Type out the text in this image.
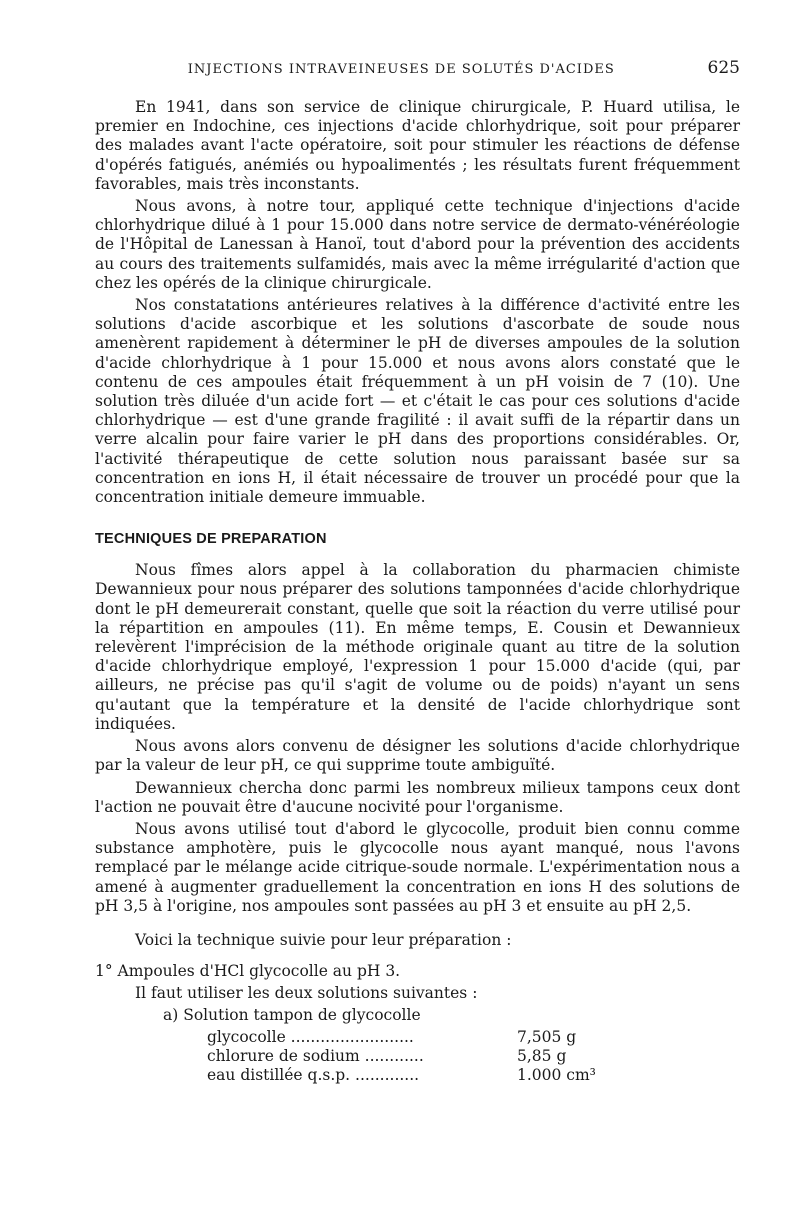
INJECTIONS INTRAVEINEUSES DE SOLUTÉS D'ACIDES	625

En 1941, dans son service de clinique chirurgicale, P. Huard utilisa, le premier en Indochine, ces injections d'acide chlorhydrique, soit pour préparer des malades avant l'acte opératoire, soit pour stimuler les réactions de défense d'opérés fatigués, anémiés ou hypoalimentés ; les résultats furent fréquemment favorables, mais très inconstants.

Nous avons, à notre tour, appliqué cette technique d'injections d'acide chlorhydrique dilué à 1 pour 15.000 dans notre service de dermato-vénéréologie de l'Hôpital de Lanessan à Hanoï, tout d'abord pour la prévention des accidents au cours des traitements sulfamidés, mais avec la même irrégularité d'action que chez les opérés de la clinique chirurgicale.

Nos constatations antérieures relatives à la différence d'activité entre les solutions d'acide ascorbique et les solutions d'ascorbate de soude nous amenèrent rapidement à déterminer le pH de diverses ampoules de la solution d'acide chlorhydrique à 1 pour 15.000 et nous avons alors constaté que le contenu de ces ampoules était fréquemment à un pH voisin de 7 (10). Une solution très diluée d'un acide fort — et c'était le cas pour ces solutions d'acide chlorhydrique — est d'une grande fragilité : il avait suffi de la répartir dans un verre alcalin pour faire varier le pH dans des proportions considérables. Or, l'activité thérapeutique de cette solution nous paraissant basée sur sa concentration en ions H, il était nécessaire de trouver un procédé pour que la concentration initiale demeure immuable.

TECHNIQUES DE PREPARATION

Nous fîmes alors appel à la collaboration du pharmacien chimiste Dewannieux pour nous préparer des solutions tamponnées d'acide chlorhydrique dont le pH demeurerait constant, quelle que soit la réaction du verre utilisé pour la répartition en ampoules (11). En même temps, E. Cousin et Dewannieux relevèrent l'imprécision de la méthode originale quant au titre de la solution d'acide chlorhydrique employé, l'expression 1 pour 15.000 d'acide (qui, par ailleurs, ne précise pas qu'il s'agit de volume ou de poids) n'ayant un sens qu'autant que la température et la densité de l'acide chlorhydrique sont indiquées.

Nous avons alors convenu de désigner les solutions d'acide chlorhydrique par la valeur de leur pH, ce qui supprime toute ambiguïté.

Dewannieux chercha donc parmi les nombreux milieux tampons ceux dont l'action ne pouvait être d'aucune nocivité pour l'organisme.

Nous avons utilisé tout d'abord le glycocolle, produit bien connu comme substance amphotère, puis le glycocolle nous ayant manqué, nous l'avons remplacé par le mélange acide citrique-soude normale. L'expérimentation nous a amené à augmenter graduellement la concentration en ions H des solutions de pH 3,5 à l'origine, nos ampoules sont passées au pH 3 et ensuite au pH 2,5.

Voici la technique suivie pour leur préparation :

1° Ampoules d'HCl glycocolle au pH 3.
Il faut utiliser les deux solutions suivantes :
a) Solution tampon de glycocolle
glycocolle .........................	7,505 g
chlorure de sodium ............	5,85 g
eau distillée q.s.p. .............	1.000 cm³
